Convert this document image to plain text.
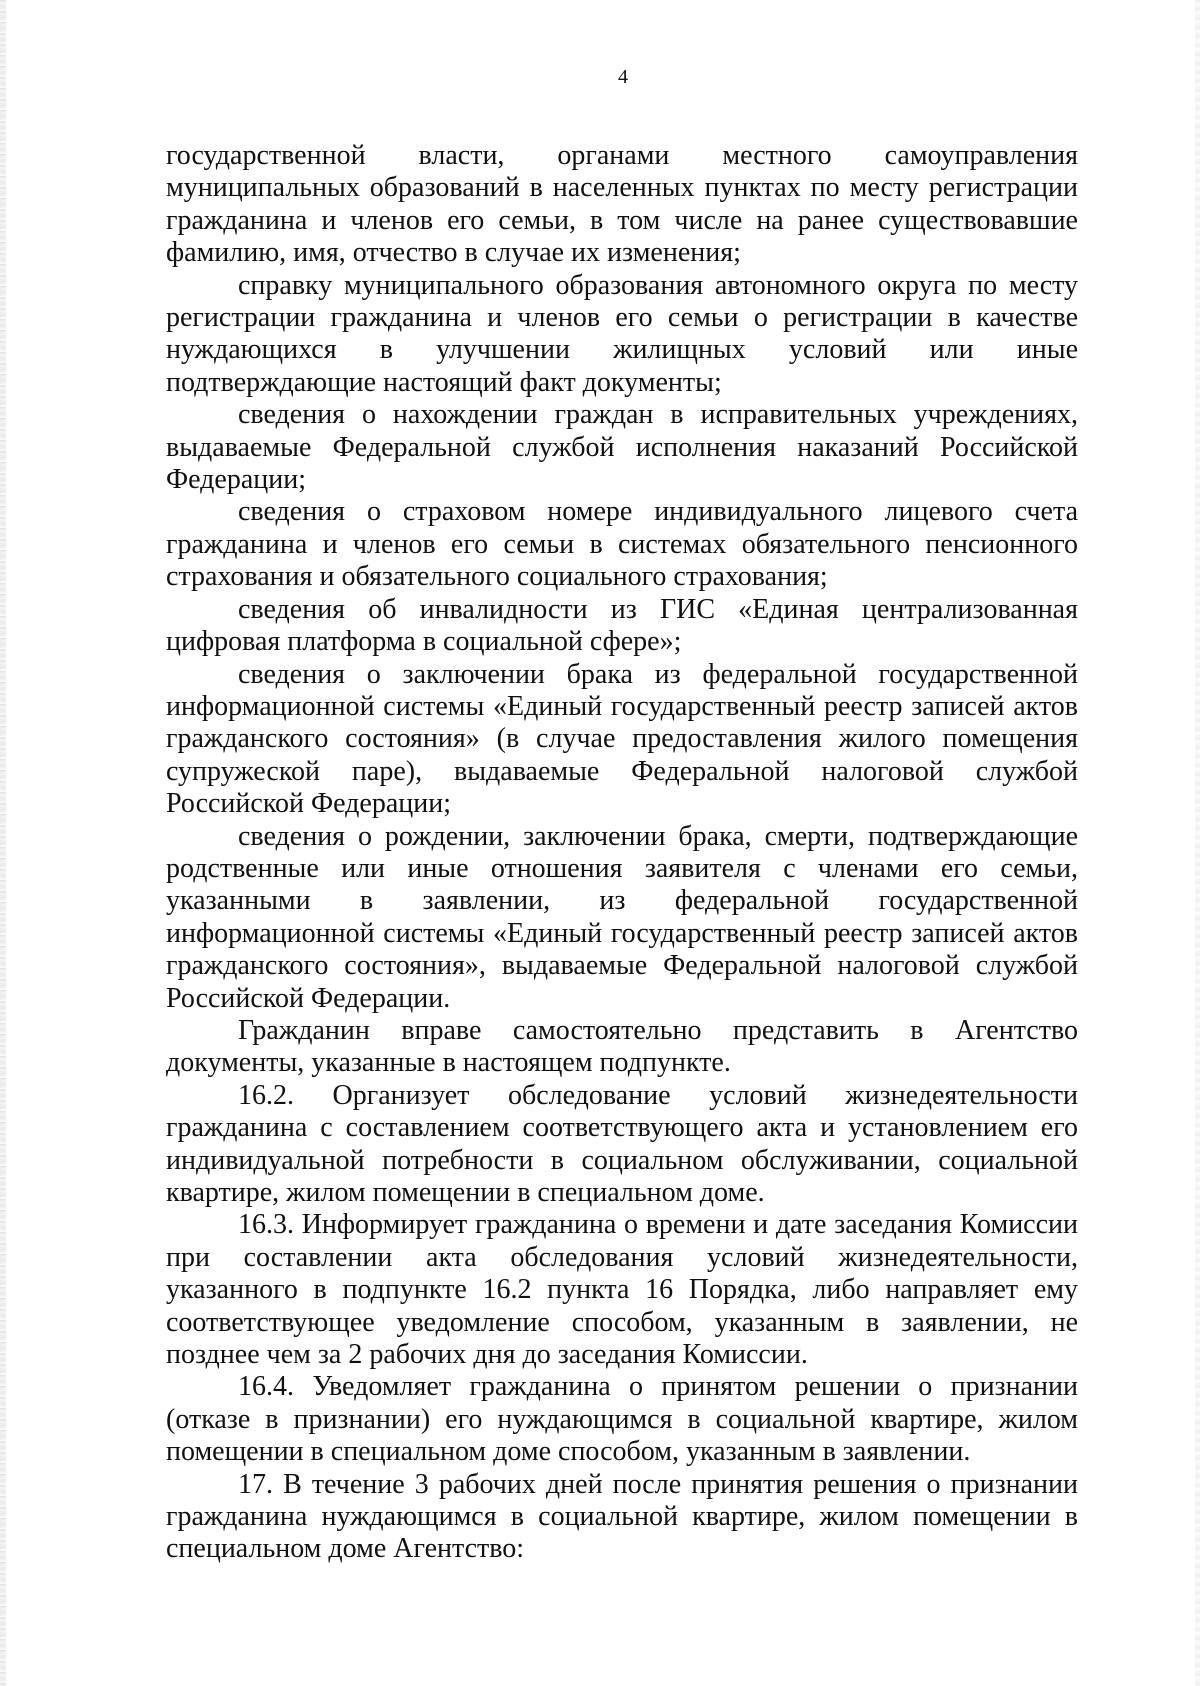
4

государственной власти, органами местного самоуправления муниципальных образований в населенных пунктах по месту регистрации гражданина и членов его семьи, в том числе на ранее существовавшие фамилию, имя, отчество в случае их изменения;

справку муниципального образования автономного округа по месту регистрации гражданина и членов его семьи о регистрации в качестве нуждающихся в улучшении жилищных условий или иные подтверждающие настоящий факт документы;

сведения о нахождении граждан в исправительных учреждениях, выдаваемые Федеральной службой исполнения наказаний Российской Федерации;

сведения о страховом номере индивидуального лицевого счета гражданина и членов его семьи в системах обязательного пенсионного страхования и обязательного социального страхования;

сведения об инвалидности из ГИС «Единая централизованная цифровая платформа в социальной сфере»;

сведения о заключении брака из федеральной государственной информационной системы «Единый государственный реестр записей актов гражданского состояния» (в случае предоставления жилого помещения супружеской паре), выдаваемые Федеральной налоговой службой Российской Федерации;

сведения о рождении, заключении брака, смерти, подтверждающие родственные или иные отношения заявителя с членами его семьи, указанными в заявлении, из федеральной государственной информационной системы «Единый государственный реестр записей актов гражданского состояния», выдаваемые Федеральной налоговой службой Российской Федерации.

Гражданин вправе самостоятельно представить в Агентство документы, указанные в настоящем подпункте.

16.2. Организует обследование условий жизнедеятельности гражданина с составлением соответствующего акта и установлением его индивидуальной потребности в социальном обслуживании, социальной квартире, жилом помещении в специальном доме.

16.3. Информирует гражданина о времени и дате заседания Комиссии при составлении акта обследования условий жизнедеятельности, указанного в подпункте 16.2 пункта 16 Порядка, либо направляет ему соответствующее уведомление способом, указанным в заявлении, не позднее чем за 2 рабочих дня до заседания Комиссии.

16.4. Уведомляет гражданина о принятом решении о признании (отказе в признании) его нуждающимся в социальной квартире, жилом помещении в специальном доме способом, указанным в заявлении.

17. В течение 3 рабочих дней после принятия решения о признании гражданина нуждающимся в социальной квартире, жилом помещении в специальном доме Агентство:
